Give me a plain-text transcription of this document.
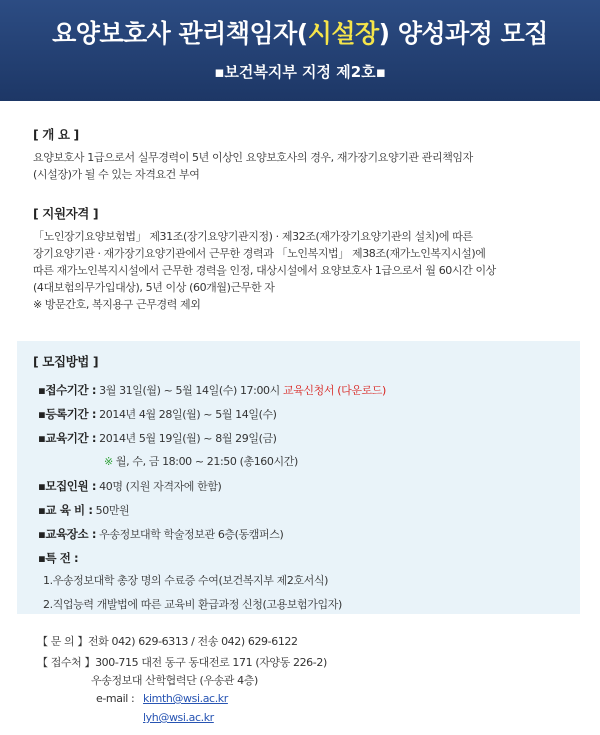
요양보호사 관리책임자(시설장) 양성과정 모집
▪보건복지부 지정 제2호▪
[ 개 요 ]

요양보호사 1급으로서 실무경력이 5년 이상인 요양보호사의 경우, 재가장기요양기관 관리책임자

(시설장)가 될 수 있는 자격요건 부여

[ 지원자격 ]

「노인장기요양보험법」 제31조(장기요양기관지정) · 제32조(재가장기요양기관의 설치)에 따른

장기요양기관 · 재가장기요양기관에서 근무한 경력과 「노인복지법」 제38조(재가노인복지시설)에

따른 재가노인복지시설에서 근무한 경력을 인정, 대상시설에서 요양보호사 1급으로서 월 60시간 이상

(4대보험의무가입대상), 5년 이상 (60개월)근무한 자

※ 방문간호, 복지용구 근무경력 제외

[ 모집방법 ]
▪접수기간 : 3월 31일(월) ~ 5월 14일(수) 17:00시 교육신청서 (다운로드)
▪등록기간 : 2014년 4월 28일(월) ~ 5월 14일(수)
▪교육기간 : 2014년 5월 19일(월) ~ 8월 29일(금)
※ 월, 수, 금 18:00 ~ 21:50 (총160시간)
▪모집인원 : 40명 (지원 자격자에 한함)
▪교 육 비 : 50만원
▪교육장소 : 우송정보대학 학술정보관 6층(동캠퍼스)
▪특 전 :
1.우송정보대학 총장 명의 수료증 수여(보건복지부 제2호서식)
2.직업능력 개발법에 따른 교육비 환급과정 신청(고용보험가입자)
【 문 의 】전화 042) 629-6313 / 전송 042) 629-6122
【 접수처 】300-715 대전 동구 동대전로 171 (자양동 226-2)
우송정보대 산학협력단 (우송관 4층)
e-mail : kimth@wsi.ac.kr
lyh@wsi.ac.kr
